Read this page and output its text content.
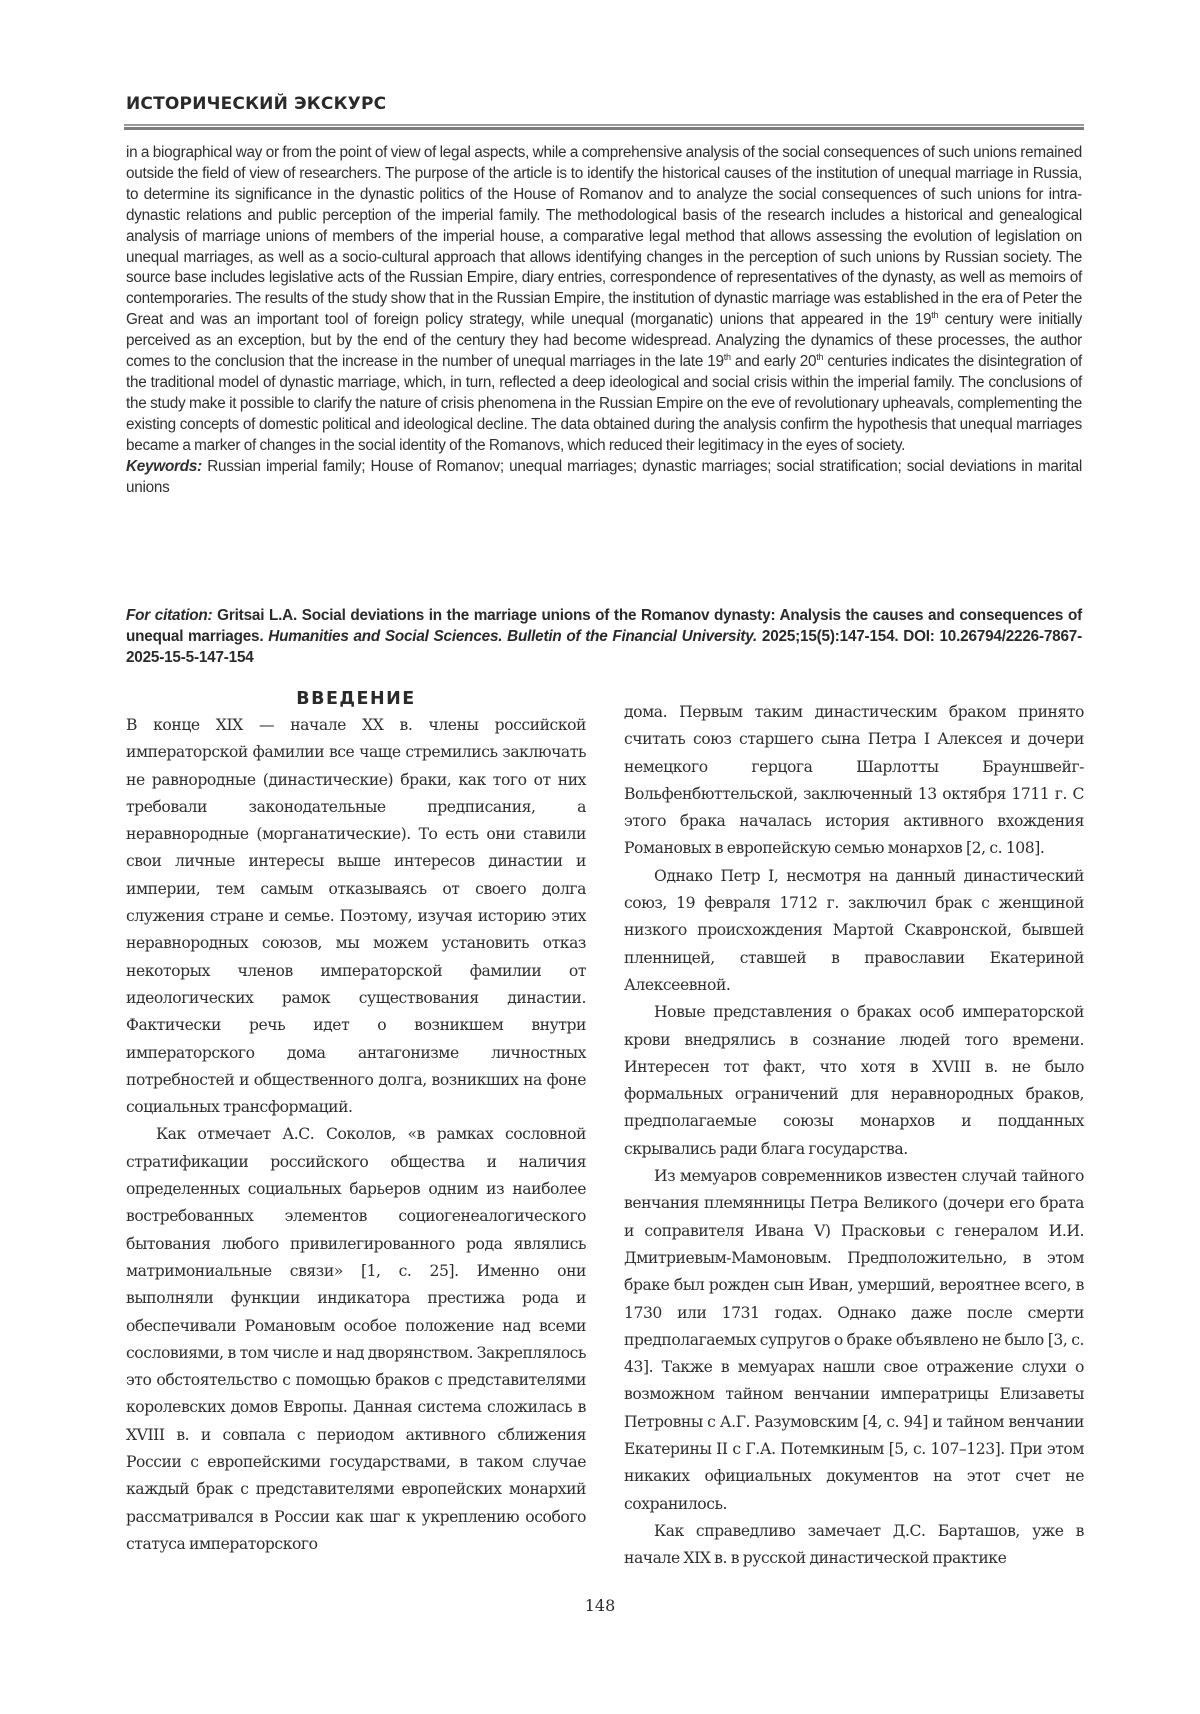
ИСТОРИЧЕСКИЙ ЭКСКУРС

in a biographical way or from the point of view of legal aspects, while a comprehensive analysis of the social consequences of such unions remained outside the field of view of researchers. The purpose of the article is to identify the historical causes of the institution of unequal marriage in Russia, to determine its significance in the dynastic politics of the House of Romanov and to analyze the social consequences of such unions for intra-dynastic relations and public perception of the imperial family. The methodological basis of the research includes a historical and genealogical analysis of marriage unions of members of the imperial house, a comparative legal method that allows assessing the evolution of legislation on unequal marriages, as well as a socio-cultural approach that allows identifying changes in the perception of such unions by Russian society. The source base includes legislative acts of the Russian Empire, diary entries, correspondence of representatives of the dynasty, as well as memoirs of contemporaries. The results of the study show that in the Russian Empire, the institution of dynastic marriage was established in the era of Peter the Great and was an important tool of foreign policy strategy, while unequal (morganatic) unions that appeared in the 19th century were initially perceived as an exception, but by the end of the century they had become widespread. Analyzing the dynamics of these processes, the author comes to the conclusion that the increase in the number of unequal marriages in the late 19th and early 20th centuries indicates the disintegration of the traditional model of dynastic marriage, which, in turn, reflected a deep ideological and social crisis within the imperial family. The conclusions of the study make it possible to clarify the nature of crisis phenomena in the Russian Empire on the eve of revolutionary upheavals, complementing the existing concepts of domestic political and ideological decline. The data obtained during the analysis confirm the hypothesis that unequal marriages became a marker of changes in the social identity of the Romanovs, which reduced their legitimacy in the eyes of society.

Keywords: Russian imperial family; House of Romanov; unequal marriages; dynastic marriages; social stratification; social deviations in marital unions

For citation: Gritsai L.A. Social deviations in the marriage unions of the Romanov dynasty: Analysis the causes and consequences of unequal marriages. Humanities and Social Sciences. Bulletin of the Financial University. 2025;15(5):147-154. DOI: 10.26794/2226-7867-2025-15-5-147-154
ВВЕДЕНИЕ

В конце XIX — начале XX в. члены российской императорской фамилии все чаще стремились заключать не равнородные (династические) браки, как того от них требовали законодательные предписания, а неравнородные (морганатические). То есть они ставили свои личные интересы выше интересов династии и империи, тем самым отказываясь от своего долга служения стране и семье. Поэтому, изучая историю этих неравнородных союзов, мы можем установить отказ некоторых членов императорской фамилии от идеологических рамок существования династии. Фактически речь идет о возникшем внутри императорского дома антагонизме личностных потребностей и общественного долга, возникших на фоне социальных трансформаций.

Как отмечает А.С. Соколов, «в рамках сословной стратификации российского общества и наличия определенных социальных барьеров одним из наиболее востребованных элементов социогенеалогического бытования любого привилегированного рода являлись матримониальные связи» [1, с. 25]. Именно они выполняли функции индикатора престижа рода и обеспечивали Романовым особое положение над всеми сословиями, в том числе и над дворянством. Закреплялось это обстоятельство с помощью браков с представителями королевских домов Европы. Данная система сложилась в XVIII в. и совпала с периодом активного сближения России с европейскими государствами, в таком случае каждый брак с представителями европейских монархий рассматривался в России как шаг к укреплению особого статуса императорского

дома. Первым таким династическим браком принято считать союз старшего сына Петра I Алексея и дочери немецкого герцога Шарлотты Брауншвейг-Вольфенбюттельской, заключенный 13 октября 1711 г. С этого брака началась история активного вхождения Романовых в европейскую семью монархов [2, с. 108].

Однако Петр I, несмотря на данный династический союз, 19 февраля 1712 г. заключил брак с женщиной низкого происхождения Мартой Скавронской, бывшей пленницей, ставшей в православии Екатериной Алексеевной.

Новые представления о браках особ императорской крови внедрялись в сознание людей того времени. Интересен тот факт, что хотя в XVIII в. не было формальных ограничений для неравнородных браков, предполагаемые союзы монархов и подданных скрывались ради блага государства.

Из мемуаров современников известен случай тайного венчания племянницы Петра Великого (дочери его брата и соправителя Ивана V) Прасковьи с генералом И.И. Дмитриевым-Мамоновым. Предположительно, в этом браке был рожден сын Иван, умерший, вероятнее всего, в 1730 или 1731 годах. Однако даже после смерти предполагаемых супругов о браке объявлено не было [3, с. 43]. Также в мемуарах нашли свое отражение слухи о возможном тайном венчании императрицы Елизаветы Петровны с А.Г. Разумовским [4, с. 94] и тайном венчании Екатерины II с Г.А. Потемкиным [5, с. 107–123]. При этом никаких официальных документов на этот счет не сохранилось.

Как справедливо замечает Д.С. Барташов, уже в начале XIX в. в русской династической практике

148
